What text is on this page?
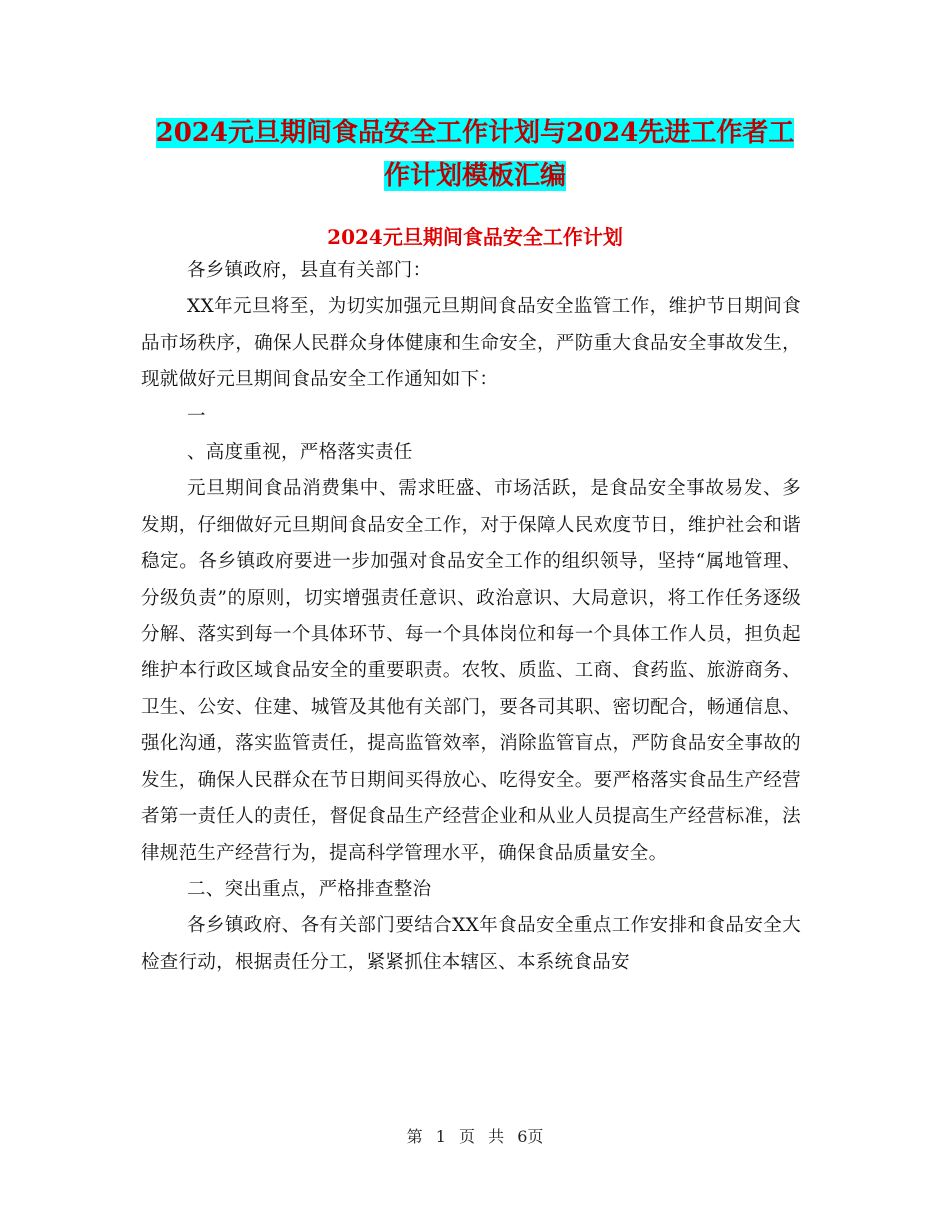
2024元旦期间食品安全工作计划与2024先进工作者工
作计划模板汇编
2024元旦期间食品安全工作计划

各乡镇政府，县直有关部门：

XX年元旦将至，为切实加强元旦期间食品安全监管工作，维护节日期间食品市场秩序，确保人民群众身体健康和生命安全，严防重大食品安全事故发生，现就做好元旦期间食品安全工作通知如下：

一

、高度重视，严格落实责任

元旦期间食品消费集中、需求旺盛、市场活跃，是食品安全事故易发、多发期，仔细做好元旦期间食品安全工作，对于保障人民欢度节日，维护社会和谐稳定。各乡镇政府要进一步加强对食品安全工作的组织领导，坚持“属地管理、分级负责”的原则，切实增强责任意识、政治意识、大局意识，将工作任务逐级分解、落实到每一个具体环节、每一个具体岗位和每一个具体工作人员，担负起维护本行政区域食品安全的重要职责。农牧、质监、工商、食药监、旅游商务、卫生、公安、住建、城管及其他有关部门，要各司其职、密切配合，畅通信息、强化沟通，落实监管责任，提高监管效率，消除监管盲点，严防食品安全事故的发生，确保人民群众在节日期间买得放心、吃得安全。要严格落实食品生产经营者第一责任人的责任，督促食品生产经营企业和从业人员提高生产经营标准，法律规范生产经营行为，提高科学管理水平，确保食品质量安全。

二、突出重点，严格排查整治

各乡镇政府、各有关部门要结合XX年食品安全重点工作安排和食品安全大检查行动，根据责任分工，紧紧抓住本辖区、本系统食品安

第 1 页 共 6页
